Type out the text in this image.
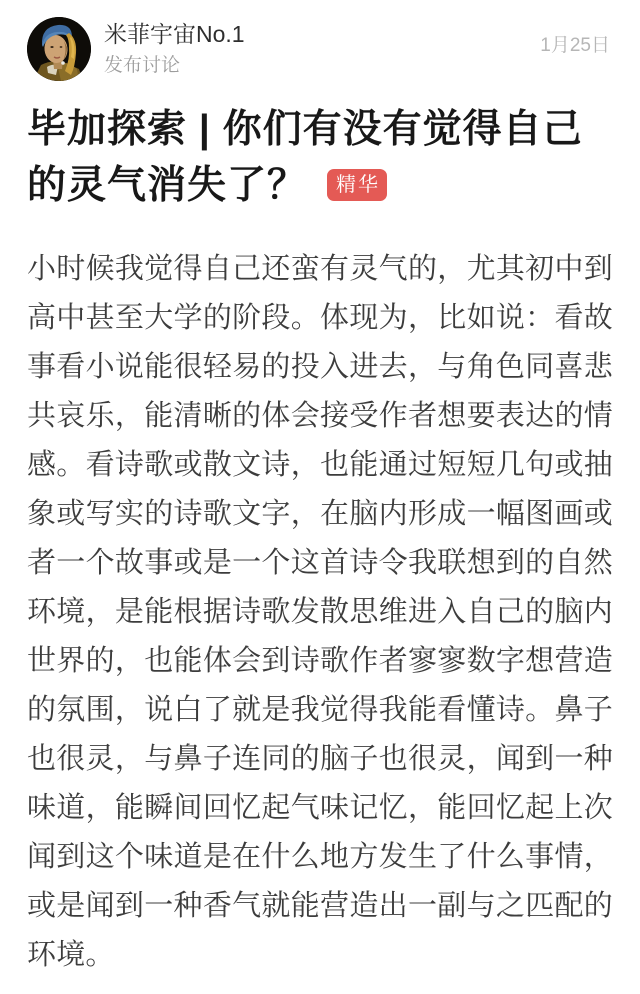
米菲宇宙No.1
发布讨论
1月25日
毕加探索 | 你们有没有觉得自己
的灵气消失了？ 精华

小时候我觉得自己还蛮有灵气的，尤其初中到高中甚至大学的阶段。体现为，比如说：看故事看小说能很轻易的投入进去，与角色同喜悲共哀乐，能清晰的体会接受作者想要表达的情感。看诗歌或散文诗，也能通过短短几句或抽象或写实的诗歌文字，在脑内形成一幅图画或者一个故事或是一个这首诗令我联想到的自然环境，是能根据诗歌发散思维进入自己的脑内世界的，也能体会到诗歌作者寥寥数字想营造的氛围，说白了就是我觉得我能看懂诗。鼻子也很灵，与鼻子连同的脑子也很灵，闻到一种味道，能瞬间回忆起气味记忆，能回忆起上次闻到这个味道是在什么地方发生了什么事情，或是闻到一种香气就能营造出一副与之匹配的环境。
